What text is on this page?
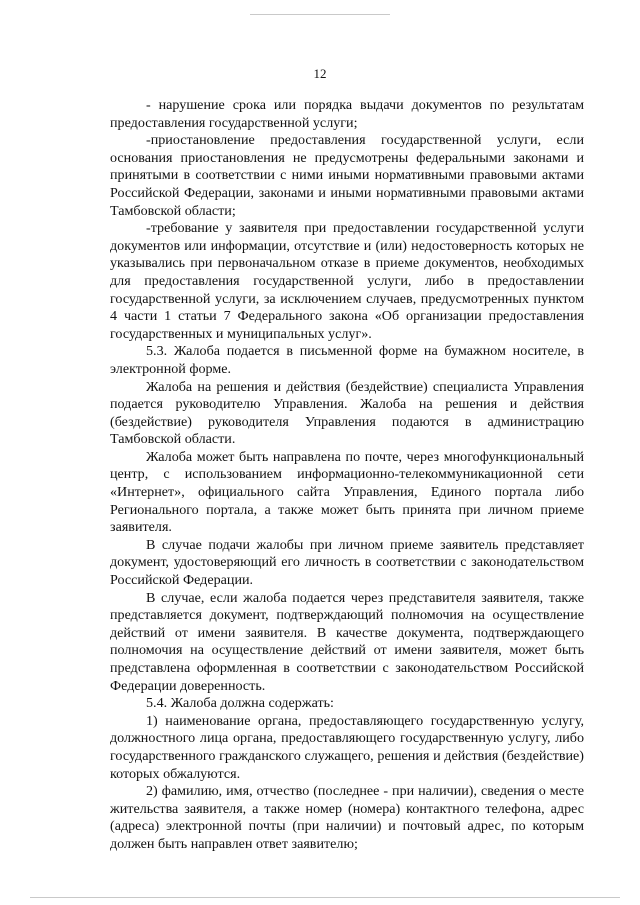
12

- нарушение срока или порядка выдачи документов по результатам предоставления государственной услуги;

-приостановление предоставления государственной услуги, если основания приостановления не предусмотрены федеральными законами и принятыми в соответствии с ними иными нормативными правовыми актами Российской Федерации, законами и иными нормативными правовыми актами Тамбовской области;

-требование у заявителя при предоставлении государственной услуги документов или информации, отсутствие и (или) недостоверность которых не указывались при первоначальном отказе в приеме документов, необходимых для предоставления государственной услуги, либо в предоставлении государственной услуги, за исключением случаев, предусмотренных пунктом 4 части 1 статьи 7 Федерального закона «Об организации предоставления государственных и муниципальных услуг».

5.3. Жалоба подается в письменной форме на бумажном носителе, в электронной форме.

Жалоба на решения и действия (бездействие) специалиста Управления подается руководителю Управления. Жалоба на решения и действия (бездействие) руководителя Управления подаются в администрацию Тамбовской области.

Жалоба может быть направлена по почте, через многофункциональный центр, с использованием информационно-телекоммуникационной сети «Интернет», официального сайта Управления, Единого портала либо Регионального портала, а также может быть принята при личном приеме заявителя.

В случае подачи жалобы при личном приеме заявитель представляет документ, удостоверяющий его личность в соответствии с законодательством Российской Федерации.

В случае, если жалоба подается через представителя заявителя, также представляется документ, подтверждающий полномочия на осуществление действий от имени заявителя. В качестве документа, подтверждающего полномочия на осуществление действий от имени заявителя, может быть представлена оформленная в соответствии с законодательством Российской Федерации доверенность.

5.4. Жалоба должна содержать:

1) наименование органа, предоставляющего государственную услугу, должностного лица органа, предоставляющего государственную услугу, либо государственного гражданского служащего, решения и действия (бездействие) которых обжалуются.

2) фамилию, имя, отчество (последнее - при наличии), сведения о месте жительства заявителя, а также номер (номера) контактного телефона, адрес (адреса) электронной почты (при наличии) и почтовый адрес, по которым должен быть направлен ответ заявителю;
